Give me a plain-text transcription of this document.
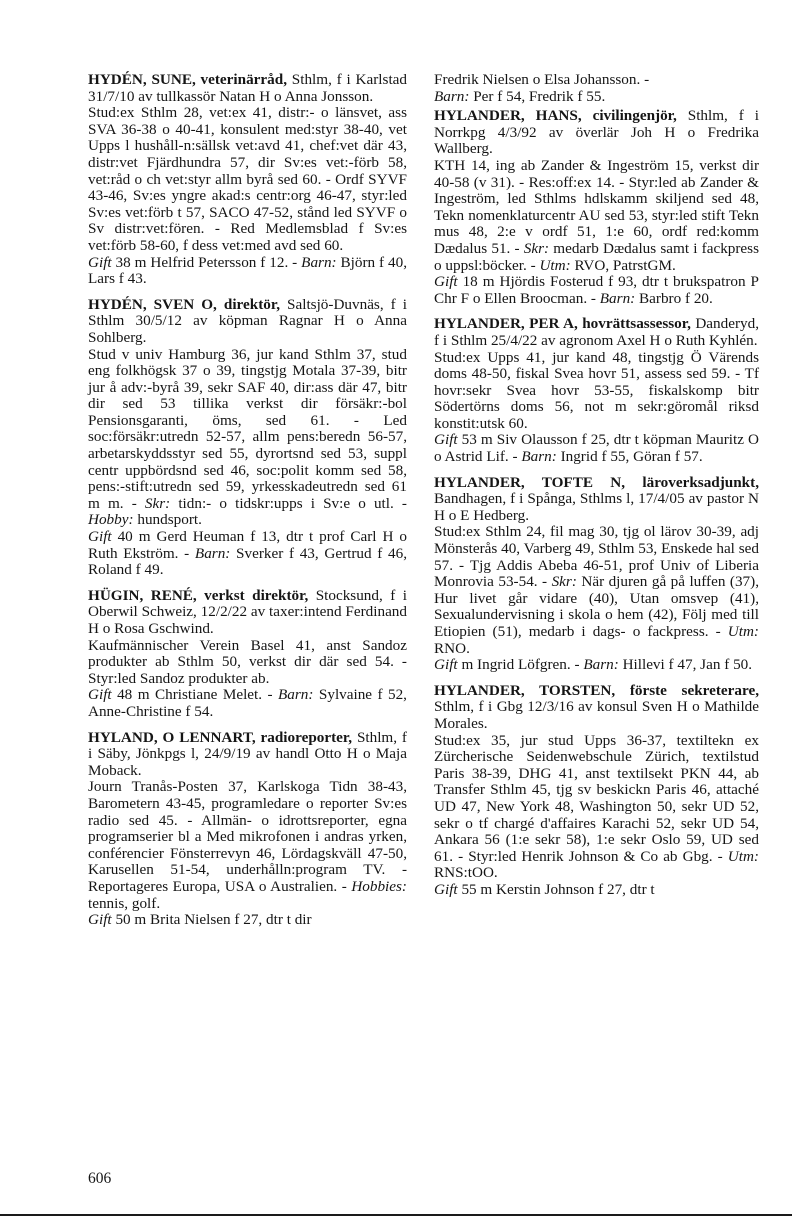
HYDÉN, SUNE, veterinärråd, Sthlm, f i Karlstad 31/7/10 av tullkassör Natan H o Anna Jonsson.

Stud:ex Sthlm 28, vet:ex 41, distr:- o länsvet, ass SVA 36-38 o 40-41, konsulent med:styr 38-40, vet Upps l hushåll-n:sällsk vet:avd 41, chef:vet där 43, distr:vet Fjärdhundra 57, dir Sv:es vet:-förb 58, vet:råd o ch vet:styr allm byrå sed 60. - Ordf SYVF 43-46, Sv:es yngre akad:s centr:org 46-47, styr:led Sv:es vet:förb t 57, SACO 47-52, stånd led SYVF o Sv distr:vet:fören. - Red Medlemsblad f Sv:es vet:förb 58-60, f dess vet:med avd sed 60.

Gift 38 m Helfrid Petersson f 12. - Barn: Björn f 40, Lars f 43.

HYDÉN, SVEN O, direktör, Saltsjö-Duvnäs, f i Sthlm 30/5/12 av köpman Ragnar H o Anna Sohlberg.

Stud v univ Hamburg 36, jur kand Sthlm 37, stud eng folkhögsk 37 o 39, tingstjg Motala 37-39, bitr jur å adv:-byrå 39, sekr SAF 40, dir:ass där 47, bitr dir sed 53 tillika verkst dir försäkr:-bol Pensionsgaranti, öms, sed 61. - Led soc:försäkr:utredn 52-57, allm pens:beredn 56-57, arbetarskyddsstyr sed 55, dyrortsnd sed 53, suppl centr uppbördsnd sed 46, soc:polit komm sed 58, pens:-stift:utredn sed 59, yrkesskadeutredn sed 61 m m. - Skr: tidn:- o tidskr:upps i Sv:e o utl. - Hobby: hundsport.

Gift 40 m Gerd Heuman f 13, dtr t prof Carl H o Ruth Ekström. - Barn: Sverker f 43, Gertrud f 46, Roland f 49.

HÜGIN, RENÉ, verkst direktör, Stocksund, f i Oberwil Schweiz, 12/2/22 av taxer:intend Ferdinand H o Rosa Gschwind.

Kaufmännischer Verein Basel 41, anst Sandoz produkter ab Sthlm 50, verkst dir där sed 54. - Styr:led Sandoz produkter ab.

Gift 48 m Christiane Melet. - Barn: Sylvaine f 52, Anne-Christine f 54.

HYLAND, O LENNART, radioreporter, Sthlm, f i Säby, Jönkpgs l, 24/9/19 av handl Otto H o Maja Moback.

Journ Tranås-Posten 37, Karlskoga Tidn 38-43, Barometern 43-45, programledare o reporter Sv:es radio sed 45. - Allmän- o idrottsreporter, egna programserier bl a Med mikrofonen i andras yrken, conférencier Fönsterrevyn 46, Lördagskväll 47-50, Karusellen 51-54, underhålln:program TV. - Reportageres Europa, USA o Australien. - Hobbies: tennis, golf.

Gift 50 m Brita Nielsen f 27, dtr t dir

Fredrik Nielsen o Elsa Johansson. -

Barn: Per f 54, Fredrik f 55.

HYLANDER, HANS, civilingenjör, Sthlm, f i Norrkpg 4/3/92 av överlär Joh H o Fredrika Wallberg.

KTH 14, ing ab Zander & Ingeström 15, verkst dir 40-58 (v 31). - Res:off:ex 14. - Styr:led ab Zander & Ingeström, led Sthlms hdlskamm skiljend sed 48, Tekn nomenklaturcentr AU sed 53, styr:led stift Tekn mus 48, 2:e v ordf 51, 1:e 60, ordf red:komm Dædalus 51. - Skr: medarb Dædalus samt i fackpress o uppsl:böcker. - Utm: RVO, PatrstGM.

Gift 18 m Hjördis Fosterud f 93, dtr t brukspatron P Chr F o Ellen Broocman. - Barn: Barbro f 20.

HYLANDER, PER A, hovrättsassessor, Danderyd, f i Sthlm 25/4/22 av agronom Axel H o Ruth Kyhlén.

Stud:ex Upps 41, jur kand 48, tingstjg Ö Värends doms 48-50, fiskal Svea hovr 51, assess sed 59. - Tf hovr:sekr Svea hovr 53-55, fiskalskomp bitr Södertörns doms 56, not m sekr:göromål riksd konstit:utsk 60.

Gift 53 m Siv Olausson f 25, dtr t köpman Mauritz O o Astrid Lif. - Barn: Ingrid f 55, Göran f 57.

HYLANDER, TOFTE N, läroverksadjunkt, Bandhagen, f i Spånga, Sthlms l, 17/4/05 av pastor N H o E Hedberg.

Stud:ex Sthlm 24, fil mag 30, tjg ol lärov 30-39, adj Mönsterås 40, Varberg 49, Sthlm 53, Enskede hal sed 57. - Tjg Addis Abeba 46-51, prof Univ of Liberia Monrovia 53-54. - Skr: När djuren gå på luffen (37), Hur livet går vidare (40), Utan omsvep (41), Sexualundervisning i skola o hem (42), Följ med till Etiopien (51), medarb i dags- o fackpress. - Utm: RNO.

Gift m Ingrid Löfgren. - Barn: Hillevi f 47, Jan f 50.

HYLANDER, TORSTEN, förste sekreterare, Sthlm, f i Gbg 12/3/16 av konsul Sven H o Mathilde Morales.

Stud:ex 35, jur stud Upps 36-37, textiltekn ex Zürcherische Seidenwebschule Zürich, textilstud Paris 38-39, DHG 41, anst textilsekt PKN 44, ab Transfer Sthlm 45, tjg sv beskickn Paris 46, attaché UD 47, New York 48, Washington 50, sekr UD 52, sekr o tf chargé d'affaires Karachi 52, sekr UD 54, Ankara 56 (1:e sekr 58), 1:e sekr Oslo 59, UD sed 61. - Styr:led Henrik Johnson & Co ab Gbg. - Utm: RNS:tOO.

Gift 55 m Kerstin Johnson f 27, dtr t

606
